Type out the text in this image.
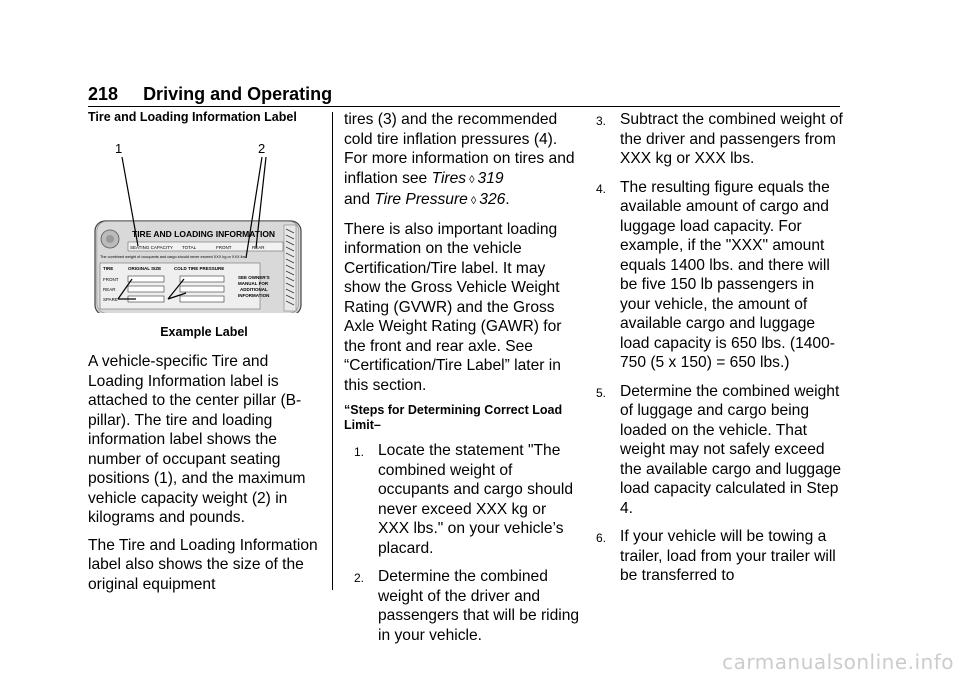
218 Driving and Operating

Tire and Loading Information Label

1	2
TIRE AND LOADING INFORMATION
SEATING CAPACITY TOTAL	FRONT	REAR
The combined weight of occupants and cargo should never exceed XXX kg or XXX lbs.
TIRE	ORIGINAL SIZE	COLD TIRE PRESSURE
FRONT
REAR
SPARE
SEE OWNER'S
MANUAL FOR
ADDITIONAL
INFORMATION

Example Label

A vehicle-specific Tire and Loading Information label is attached to the center pillar (B-pillar). The tire and loading information label shows the number of occupant seating positions (1), and the maximum vehicle capacity weight (2) in kilograms and pounds.

The Tire and Loading Information label also shows the size of the original equipment

tires (3) and the recommended cold tire inflation pressures (4). For more information on tires and inflation see Tires ◊ 319
and Tire Pressure ◊ 326.

There is also important loading information on the vehicle Certification/Tire label. It may show the Gross Vehicle Weight Rating (GVWR) and the Gross Axle Weight Rating (GAWR) for the front and rear axle. See “Certification/Tire Label” later in this section.

“Steps for Determining Correct Load Limit–

1. Locate the statement "The combined weight of occupants and cargo should never exceed XXX kg or XXX lbs." on your vehicle’s placard.
2. Determine the combined weight of the driver and passengers that will be riding in your vehicle.
3. Subtract the combined weight of the driver and passengers from XXX kg or XXX lbs.
4. The resulting figure equals the available amount of cargo and luggage load capacity. For example, if the "XXX" amount equals 1400 lbs. and there will be five 150 lb passengers in your vehicle, the amount of available cargo and luggage load capacity is 650 lbs. (1400-750 (5 x 150) = 650 lbs.)
5. Determine the combined weight of luggage and cargo being loaded on the vehicle. That weight may not safely exceed the available cargo and luggage load capacity calculated in Step 4.
6. If your vehicle will be towing a trailer, load from your trailer will be transferred to
carmanualsonline.info
